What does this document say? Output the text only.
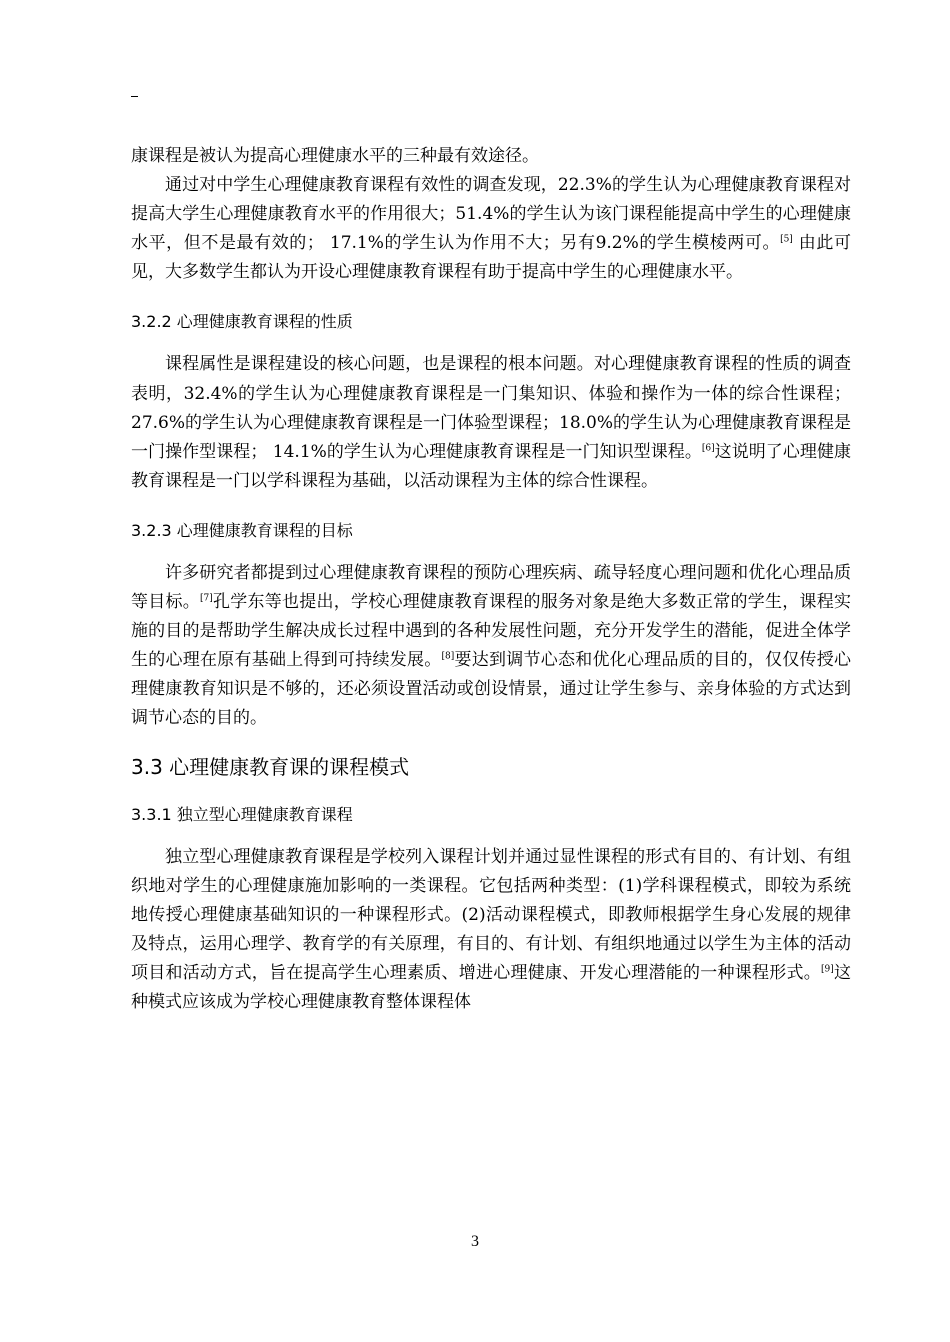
康课程是被认为提高心理健康水平的三种最有效途径。

通过对中学生心理健康教育课程有效性的调查发现，22.3%的学生认为心理健康教育课程对提高大学生心理健康教育水平的作用很大；51.4%的学生认为该门课程能提高中学生的心理健康水平，但不是最有效的； 17.1%的学生认为作用不大；另有9.2%的学生模棱两可。[5] 由此可见，大多数学生都认为开设心理健康教育课程有助于提高中学生的心理健康水平。

3.2.2 心理健康教育课程的性质

课程属性是课程建设的核心问题，也是课程的根本问题。对心理健康教育课程的性质的调查表明，32.4%的学生认为心理健康教育课程是一门集知识、体验和操作为一体的综合性课程；27.6%的学生认为心理健康教育课程是一门体验型课程；18.0%的学生认为心理健康教育课程是一门操作型课程； 14.1%的学生认为心理健康教育课程是一门知识型课程。[6]这说明了心理健康教育课程是一门以学科课程为基础，以活动课程为主体的综合性课程。

3.2.3 心理健康教育课程的目标

许多研究者都提到过心理健康教育课程的预防心理疾病、疏导轻度心理问题和优化心理品质等目标。[7]孔学东等也提出，学校心理健康教育课程的服务对象是绝大多数正常的学生，课程实施的目的是帮助学生解决成长过程中遇到的各种发展性问题，充分开发学生的潜能，促进全体学生的心理在原有基础上得到可持续发展。[8]要达到调节心态和优化心理品质的目的，仅仅传授心理健康教育知识是不够的，还必须设置活动或创设情景，通过让学生参与、亲身体验的方式达到调节心态的目的。

3.3 心理健康教育课的课程模式
3.3.1 独立型心理健康教育课程

独立型心理健康教育课程是学校列入课程计划并通过显性课程的形式有目的、有计划、有组织地对学生的心理健康施加影响的一类课程。它包括两种类型：(1)学科课程模式，即较为系统地传授心理健康基础知识的一种课程形式。(2)活动课程模式，即教师根据学生身心发展的规律及特点，运用心理学、教育学的有关原理，有目的、有计划、有组织地通过以学生为主体的活动项目和活动方式，旨在提高学生心理素质、增进心理健康、开发心理潜能的一种课程形式。[9]这种模式应该成为学校心理健康教育整体课程体

3
